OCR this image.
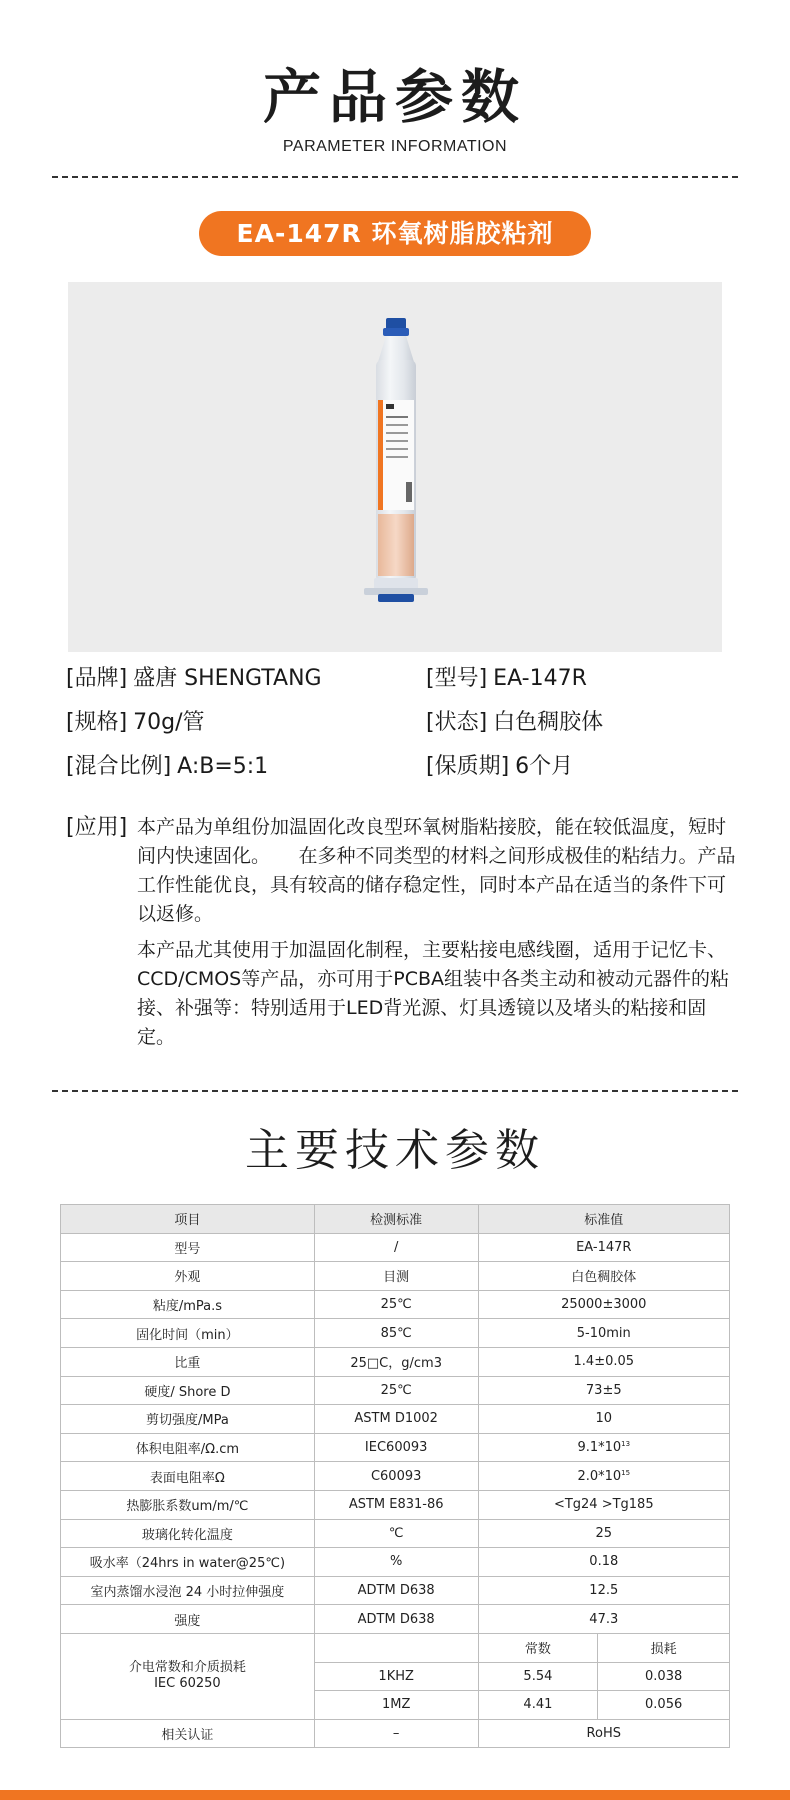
产品参数
PARAMETER INFORMATION
EA-147R 环氧树脂胶粘剂
[品牌] 盛唐 SHENGTANG	[型号] EA-147R
[规格] 70g/管	[状态] 白色稠胶体
[混合比例] A:B=5:1	[保质期] 6个月
[应用] 本产品为单组份加温固化改良型环氧树脂粘接胶，能在较低温度，短时间内快速固化。　　在多种不同类型的材料之间形成极佳的粘结力。产品工作性能优良，具有较高的储存稳定性，同时本产品在适当的条件下可以返修。

本产品尤其使用于加温固化制程，主要粘接电感线圈，适用于记忆卡、CCD/CMOS等产品，亦可用于PCBA组装中各类主动和被动元器件的粘接、补强等：特别适用于LED背光源、灯具透镜以及堵头的粘接和固定。

主要技术参数
项目	检测标准	标准值	
型号	/	EA-147R	
外观	目测	白色稠胶体	
粘度/mPa.s	25℃	25000±3000	
固化时间（min）	85℃	5-10min	
比重	25□C，g/cm3	1.4±0.05	
硬度/ Shore D	25℃	73±5	
剪切强度/MPa	ASTM D1002	10	
体积电阻率/Ω.cm	IEC60093	$9.1*10^{13}$
表面电阻率Ω	C60093	$2.0*10^{15}$
热膨胀系数um/m/℃	ASTM E831-86	<Tg24 >Tg185	
玻璃化转化温度	℃	25	
吸水率（24hrs in water@25℃)	%	0.18	
室内蒸馏水浸泡 24 小时拉伸强度	ADTM D638	12.5	
强度	ADTM D638	47.3	
介电常数和介质损耗
IEC 60250		常数	损耗
	1KHZ	5.54	0.038
	1MZ	4.41	0.056
相关认证	–	RoHS	
